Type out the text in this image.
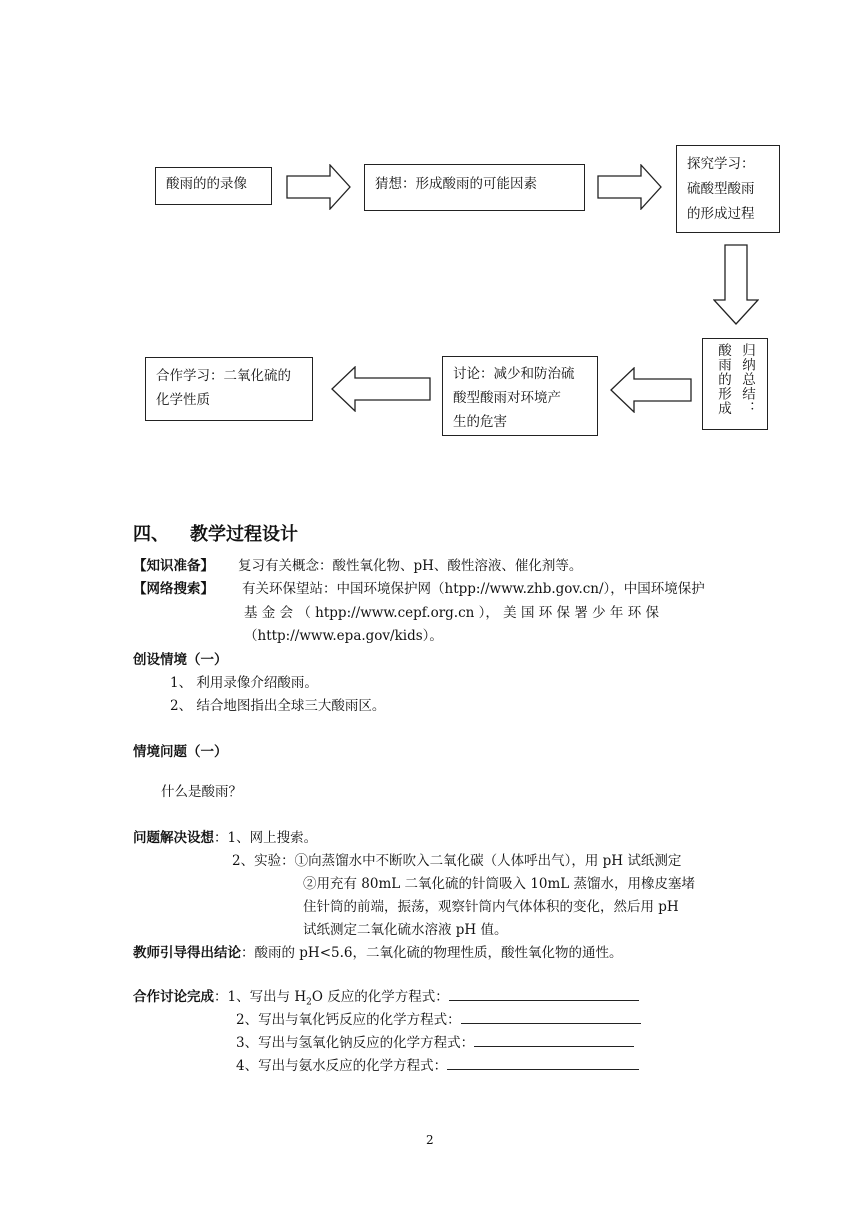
酸雨的的录像	猜想：形成酸雨的可能因素
探究学习：
硫酸型酸雨
的形成过程
归纳总结：
酸雨的形成
讨论：减少和防治硫
酸型酸雨对环境产
生的危害
合作学习：二氧化硫的
化学性质
四、 教学过程设计
【知识准备】 复习有关概念：酸性氧化物、pH、酸性溶液、催化剂等。
【网络搜索】 有关环保望站：中国环境保护网（htpp://www.zhb.gov.cn/），中国环境保护
基 金 会 （ htpp://www.cepf.org.cn ）， 美 国 环 保 署 少 年 环 保
（http://www.epa.gov/kids）。
创设情境（一）
1、 利用录像介绍酸雨。
2、 结合地图指出全球三大酸雨区。
情境问题（一）
什么是酸雨？
问题解决设想：1、网上搜索。
2、实验：①向蒸馏水中不断吹入二氧化碳（人体呼出气），用 pH 试纸测定
②用充有 80mL 二氧化硫的针筒吸入 10mL 蒸馏水，用橡皮塞堵
住针筒的前端，振荡，观察针筒内气体体积的变化，然后用 pH
试纸测定二氧化硫水溶液 pH 值。
教师引导得出结论：酸雨的 pH<5.6，二氧化硫的物理性质，酸性氧化物的通性。
合作讨论完成：1、写出与 $H_2O$ 反应的化学方程式：
2、写出与氧化钙反应的化学方程式：
3、写出与氢氧化钠反应的化学方程式：
4、写出与氨水反应的化学方程式：
2
